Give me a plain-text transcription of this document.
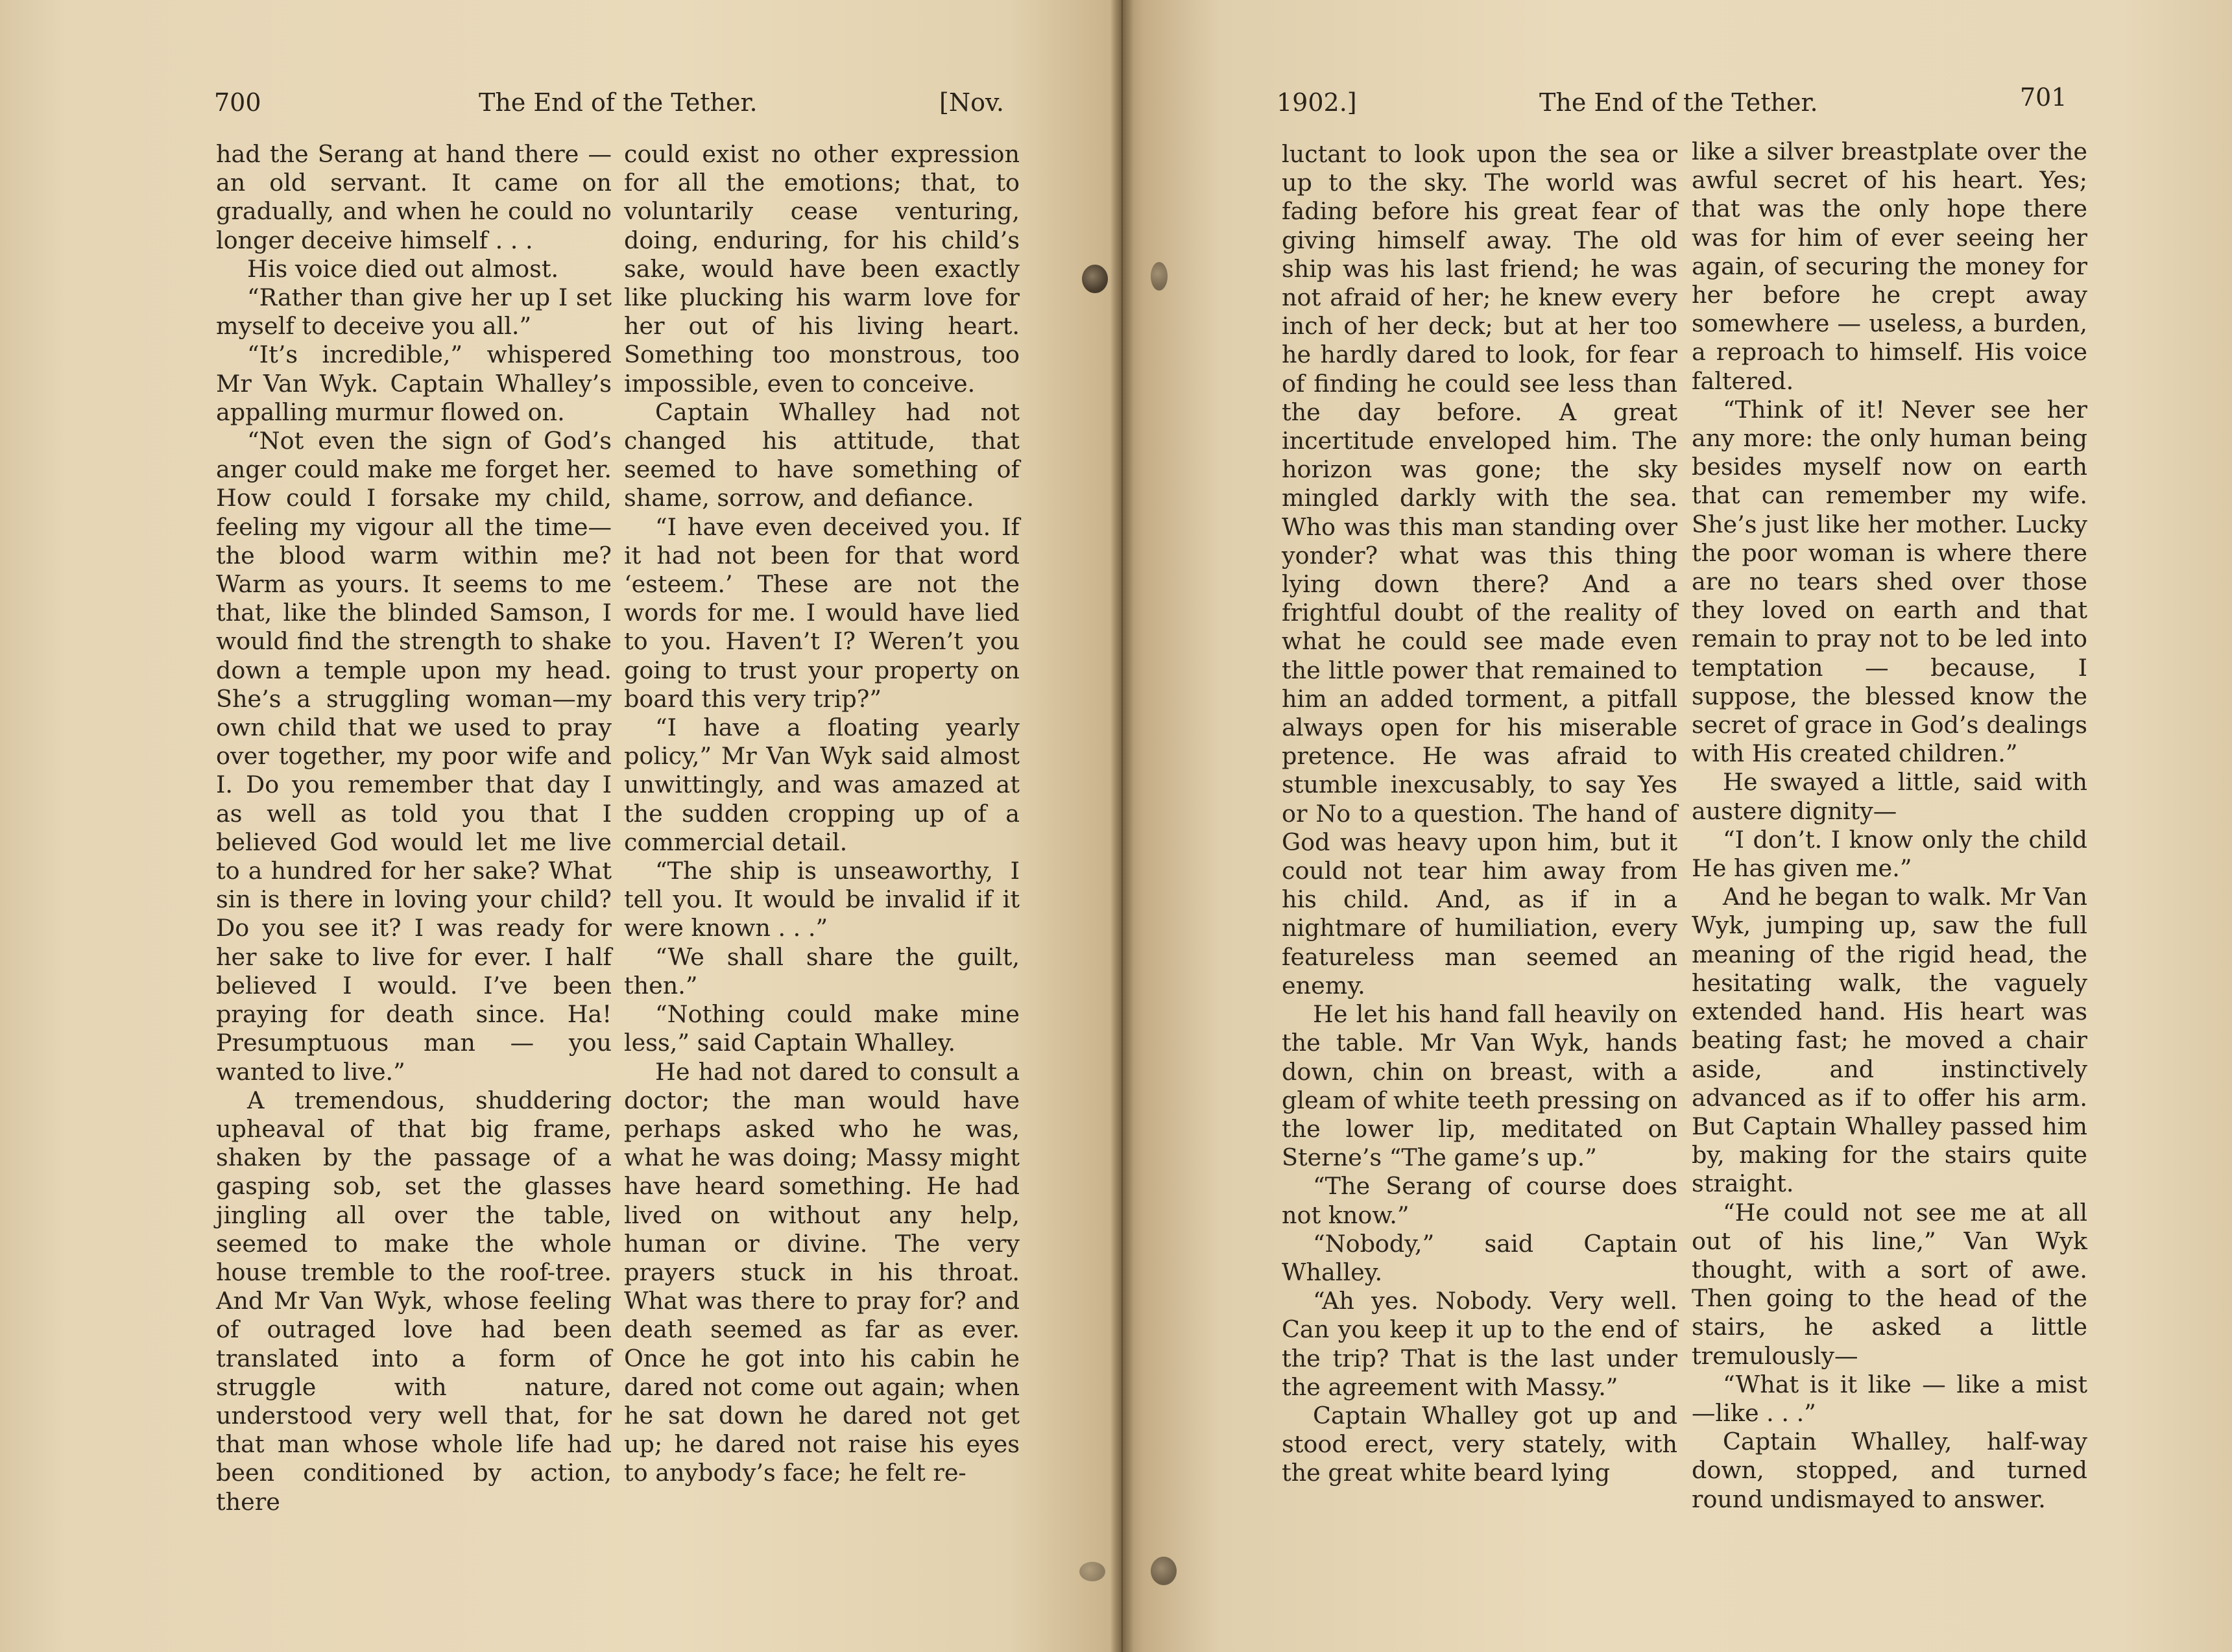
700	The End of the Tether.	[Nov.

had the Serang at hand there —an old servant. It came on gradually, and when he could no longer deceive himself . . .

His voice died out almost.

“Rather than give her up I set myself to deceive you all.”

“It’s incredible,” whispered Mr Van Wyk. Captain Whalley’s appalling murmur flowed on.

“Not even the sign of God’s anger could make me forget her. How could I forsake my child, feeling my vigour all the time—the blood warm within me? Warm as yours. It seems to me that, like the blinded Samson, I would find the strength to shake down a temple upon my head. She’s a struggling woman—my own child that we used to pray over together, my poor wife and I. Do you remember that day I as well as told you that I believed God would let me live to a hundred for her sake? What sin is there in loving your child? Do you see it? I was ready for her sake to live for ever. I half believed I would. I’ve been praying for death since. Ha! Presumptuous man — you wanted to live.”

A tremendous, shuddering upheaval of that big frame, shaken by the passage of a gasping sob, set the glasses jingling all over the table, seemed to make the whole house tremble to the roof-tree. And Mr Van Wyk, whose feeling of outraged love had been translated into a form of struggle with nature, understood very well that, for that man whose whole life had been conditioned by action, there

could exist no other expression for all the emotions; that, to voluntarily cease venturing, doing, enduring, for his child’s sake, would have been exactly like plucking his warm love for her out of his living heart. Something too monstrous, too impossible, even to conceive.

Captain Whalley had not changed his attitude, that seemed to have something of shame, sorrow, and defiance.

“I have even deceived you. If it had not been for that word ‘esteem.’ These are not the words for me. I would have lied to you. Haven’t I? Weren’t you going to trust your property on board this very trip?”

“I have a floating yearly policy,” Mr Van Wyk said almost unwittingly, and was amazed at the sudden cropping up of a commercial detail.

“The ship is unseaworthy, I tell you. It would be invalid if it were known . . .”

“We shall share the guilt, then.”

“Nothing could make mine less,” said Captain Whalley.

He had not dared to consult a doctor; the man would have perhaps asked who he was, what he was doing; Massy might have heard something. He had lived on without any help, human or divine. The very prayers stuck in his throat. What was there to pray for? and death seemed as far as ever. Once he got into his cabin he dared not come out again; when he sat down he dared not get up; he dared not raise his eyes to anybody’s face; he felt re-

1902.]	The End of the Tether.	701

luctant to look upon the sea or up to the sky. The world was fading before his great fear of giving himself away. The old ship was his last friend; he was not afraid of her; he knew every inch of her deck; but at her too he hardly dared to look, for fear of finding he could see less than the day before. A great incertitude enveloped him. The horizon was gone; the sky mingled darkly with the sea. Who was this man standing over yonder? what was this thing lying down there? And a frightful doubt of the reality of what he could see made even the little power that remained to him an added torment, a pitfall always open for his miserable pretence. He was afraid to stumble inexcusably, to say Yes or No to a question. The hand of God was heavy upon him, but it could not tear him away from his child. And, as if in a nightmare of humiliation, every featureless man seemed an enemy.

He let his hand fall heavily on the table. Mr Van Wyk, hands down, chin on breast, with a gleam of white teeth pressing on the lower lip, meditated on Sterne’s “The game’s up.”

“The Serang of course does not know.”

“Nobody,” said Captain Whalley.

“Ah yes. Nobody. Very well. Can you keep it up to the end of the trip? That is the last under the agreement with Massy.”

Captain Whalley got up and stood erect, very stately, with the great white beard lying

like a silver breastplate over the awful secret of his heart. Yes; that was the only hope there was for him of ever seeing her again, of securing the money for her before he crept away somewhere — useless, a burden, a reproach to himself. His voice faltered.

“Think of it! Never see her any more: the only human being besides myself now on earth that can remember my wife. She’s just like her mother. Lucky the poor woman is where there are no tears shed over those they loved on earth and that remain to pray not to be led into temptation — because, I suppose, the blessed know the secret of grace in God’s dealings with His created children.”

He swayed a little, said with austere dignity—

“I don’t. I know only the child He has given me.”

And he began to walk. Mr Van Wyk, jumping up, saw the full meaning of the rigid head, the hesitating walk, the vaguely extended hand. His heart was beating fast; he moved a chair aside, and instinctively advanced as if to offer his arm. But Captain Whalley passed him by, making for the stairs quite straight.

“He could not see me at all out of his line,” Van Wyk thought, with a sort of awe. Then going to the head of the stairs, he asked a little tremulously—

“What is it like — like a mist—like . . .”

Captain Whalley, half-way down, stopped, and turned round undismayed to answer.
